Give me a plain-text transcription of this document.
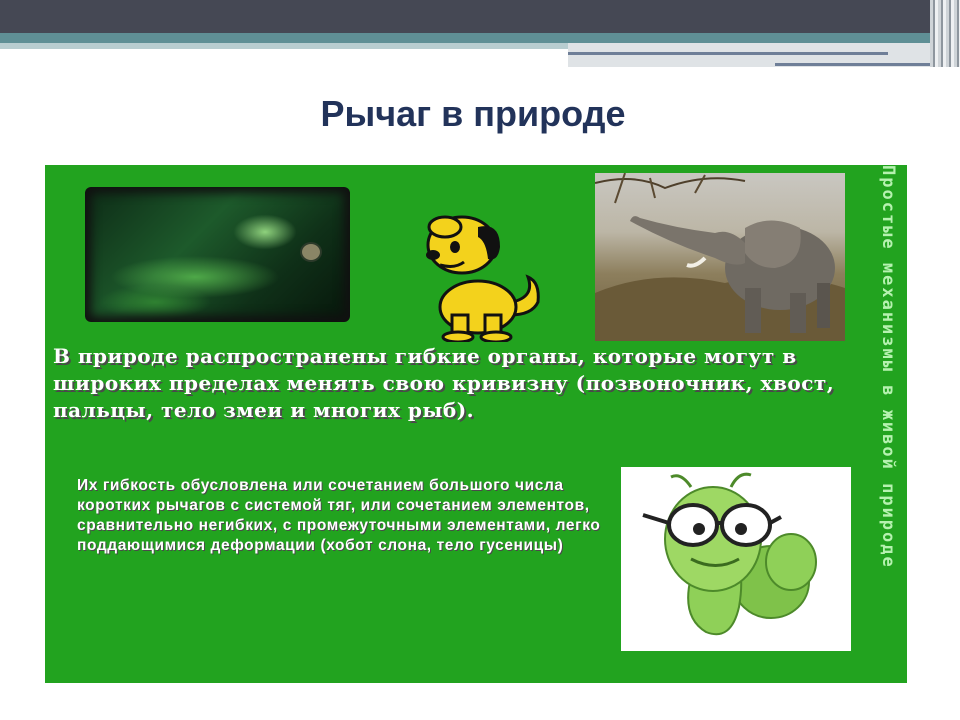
Рычаг в природе
Простые механизмы в живой природе

В природе распространены гибкие органы, которые могут в широких пределах менять свою кривизну (позвоночник, хвост, пальцы, тело змеи и многих рыб).

Их гибкость обусловлена или сочетанием большого числа коротких рычагов с системой тяг, или сочетанием элементов, сравнительно негибких, с промежуточными элементами, легко поддающимися деформации (хобот слона, тело гусеницы)
